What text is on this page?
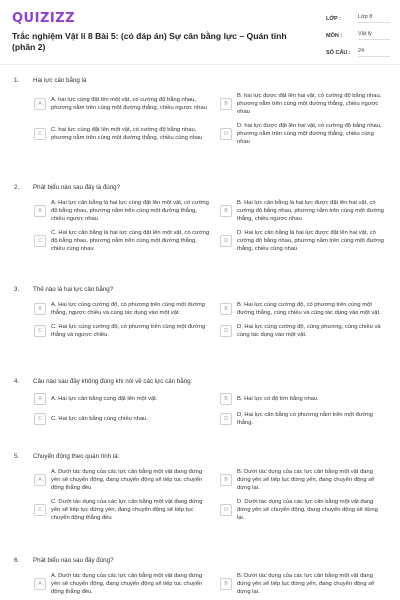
QUIZIZZ
Trắc nghiệm Vật lí 8 Bài 5: (có đáp án) Sự cân bằng lực – Quán tính (phần 2)
LỚP :	Lớp 8
MÔN :	Vật lý
SỐ CÂU :	24
1.	Hai lực cân bằng là
A
A. hai lực cùng đặt lên một vật, có cường độ bằng nhau, phương nằm trên cùng một đường thẳng, chiều ngược nhau
B
B. hai lực được đặt lên hai vật, có cường độ bằng nhau, phương nằm trên cùng một đường thẳng, chiều ngược nhau
C
C. hai lực cùng đặt lên một vật, có cường độ bằng nhau, phương nằm trên cùng một đường thẳng, chiều cùng nhau
D
D. hai lực được đặt lên hai vật, có cường độ bằng nhau, phương nằm trên cùng một đường thẳng, chiều cùng nhau
2.	Phát biểu nào sau đây là đúng?
A
A. Hai lực cân bằng là hai lực cùng đặt lên một vật, có cường độ bằng nhau, phương nằm trên cùng một đường thẳng, chiều ngược nhau
B
B. Hai lực cân bằng là hai lực được đặt lên hai vật, có cường độ bằng nhau, phương nằm trên cùng một đường thẳng, chiều ngược nhau
C
C. Hai lực cân bằng là hai lực cùng đặt lên một vật, có cường độ bằng nhau, phương nằm trên cùng một đường thẳng, chiều cùng nhau
D
D. Hai lực cân bằng là hai lực được đặt lên hai vật, có cường độ bằng nhau, phương nằm trên cùng một đường thẳng, chiều cùng nhau
3.	Thế nào là hai lực cân bằng?
A
A. Hai lực cùng cường độ, có phương trên cùng một đường thẳng, ngược chiều và cùng tác dụng vào một vật.
B
B. Hai lực cùng cường độ, có phương trên cùng một đường thẳng, cùng chiều và cùng tác dụng vào một vật.
C
C. Hai lực cùng cường độ, có phương trên cùng một đường thẳng và ngược chiều.
D
D. Hai lực cùng cường độ, cùng phương, cùng chiều và cùng tác dụng vào một vật.
4.	Câu nào sau đây không đúng khi nói về các lực cân bằng:
A	A. Hai lực cân bằng cùng đặt lên một vật.	B	B. Hai lực có độ lớn bằng nhau.
C	C. Hai lực cân bằng cùng chiều nhau.	D
D. Hai lực cân bằng có phương nằm trên một đường thẳng.
5.	Chuyển động theo quán tính là:
A
A. Dưới tác dụng của các lực cân bằng một vật đang đứng yên sẽ chuyển động, đang chuyển động sẽ tiếp tục chuyển động thẳng đều
B
B. Dưới tác dụng của các lực cân bằng một vật đang đứng yên sẽ tiếp tục đứng yên, đang chuyển động sẽ dừng lại.
C
C. Dưới tác dụng của các lực cân bằng một vật đang đứng yên sẽ tiếp tục đứng yên, đang chuyển động sẽ tiếp tục chuyển động thẳng đều
D
D. Dưới tác dụng của các lực cân bằng một vật đang đứng yên sẽ chuyển động, đang chuyển động sẽ dừng lại.
6.	Phát biểu nào sau đây đúng?
A
A. Dưới tác dụng của các lực cân bằng một vật đang đứng yên sẽ chuyển động, đang chuyển động sẽ tiếp tục chuyển động thẳng đều.
B
B. Dưới tác dụng của các lực cân bằng một vật đang đứng yên sẽ tiếp tục đứng yên, đang chuyển động sẽ dừng lại.
